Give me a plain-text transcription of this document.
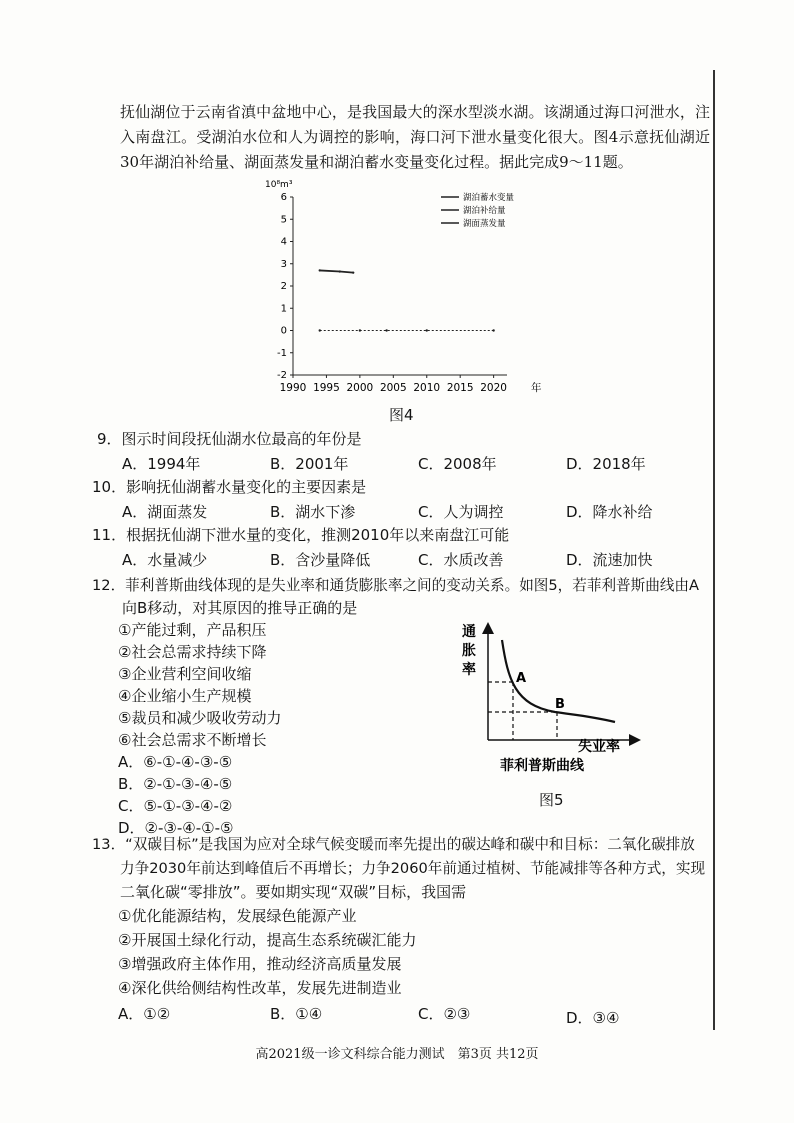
抚仙湖位于云南省滇中盆地中心，是我国最大的深水型淡水湖。该湖通过海口河泄水，注入南盘江。受湖泊水位和人为调控的影响，海口河下泄水量变化很大。图4示意抚仙湖近30年湖泊补给量、湖面蒸发量和湖泊蓄水变量变化过程。据此完成9～11题。
10⁸m³
-2
-1
0
1
2
3
4
5
6
1990 1995 2000 2005 2010 2015 2020 年
湖泊蓄水变量
湖泊补给量
湖面蒸发量
9．图示时间段抚仙湖水位最高的年份是
A．1994年	B．2001年	C．2008年	D．2018年
10．影响抚仙湖蓄水量变化的主要因素是
A．湖面蒸发	B．湖水下渗	C．人为调控	D．降水补给
11．根据抚仙湖下泄水量的变化，推测2010年以来南盘江可能
A．水量减少	B．含沙量降低	C．水质改善	D．流速加快
12．菲利普斯曲线体现的是失业率和通货膨胀率之间的变动关系。如图5，若菲利普斯曲线由A
向B移动，对其原因的推导正确的是
①产能过剩，产品积压
②社会总需求持续下降
③企业营利空间收缩
④企业缩小生产规模
⑤裁员和减少吸收劳动力
⑥社会总需求不断增长
A．⑥-①-④-③-⑤
B．②-①-③-④-⑤
C．⑤-①-③-④-②
D．②-③-④-①-⑤
通
胀
率
A
B
失业率
菲利普斯曲线
图5
13．“双碳目标”是我国为应对全球气候变暖而率先提出的碳达峰和碳中和目标：二氧化碳排放
力争2030年前达到峰值后不再增长；力争2060年前通过植树、节能减排等各种方式，实现
二氧化碳“零排放”。要如期实现“双碳”目标，我国需
①优化能源结构，发展绿色能源产业
②开展国土绿化行动，提高生态系统碳汇能力
③增强政府主体作用，推动经济高质量发展
④深化供给侧结构性改革，发展先进制造业
A．①②	B．①④	C．②③	D．③④
高2021级一诊文科综合能力测试　第3页 共12页
图4
